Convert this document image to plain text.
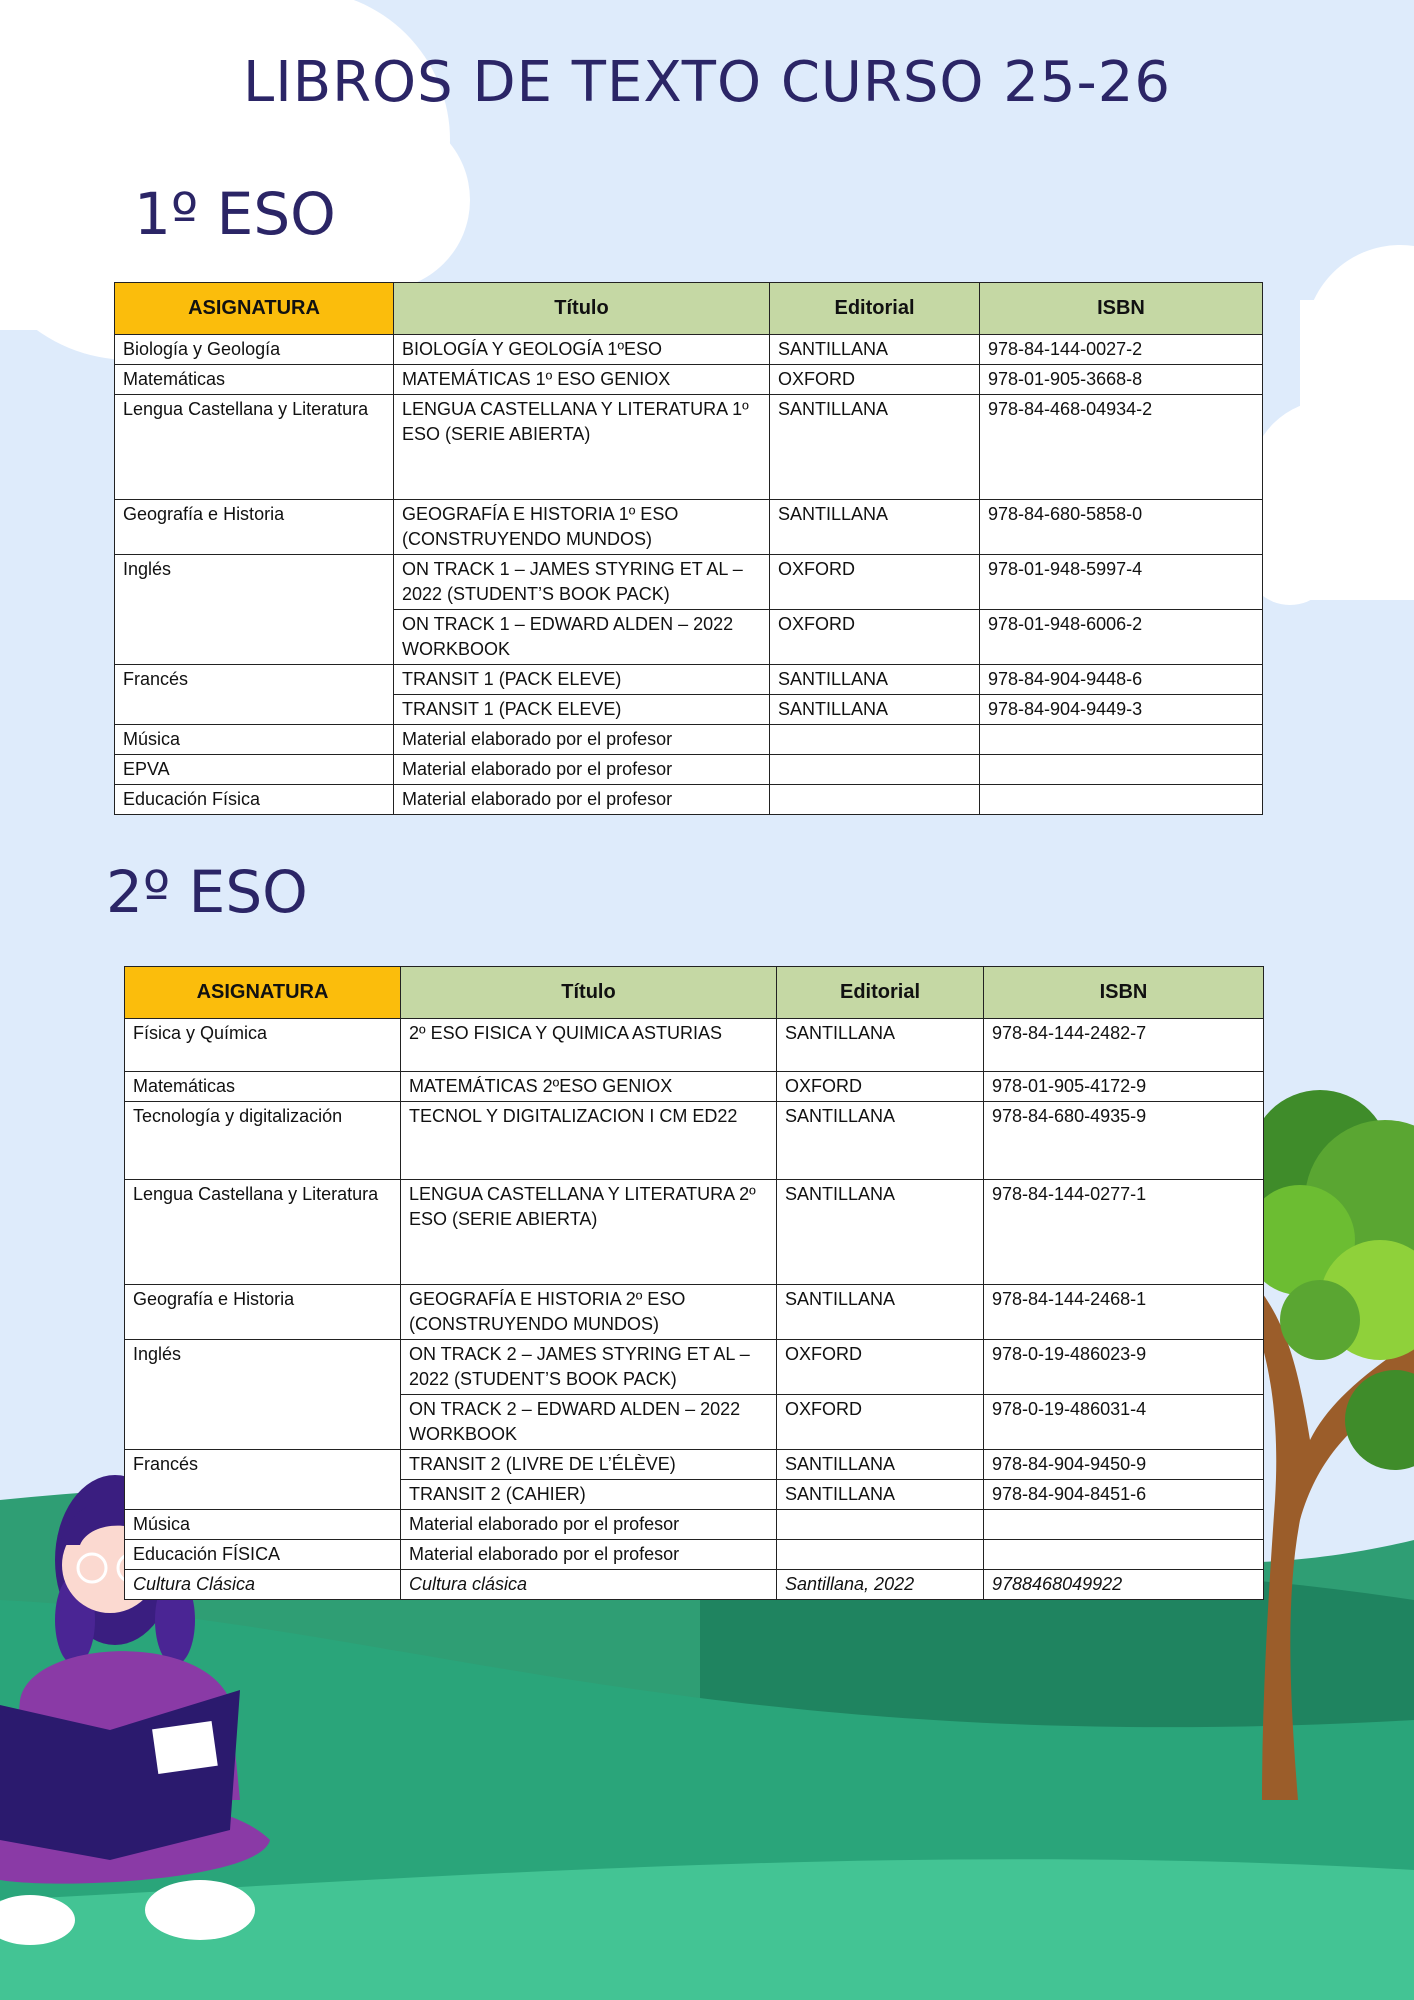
LIBROS DE TEXTO CURSO 25-26
1º ESO
ASIGNATURA	Título	Editorial	ISBN
Biología y Geología	BIOLOGÍA Y GEOLOGÍA 1ºESO	SANTILLANA	978-84-144-0027-2
Matemáticas	MATEMÁTICAS 1º ESO GENIOX	OXFORD	978-01-905-3668-8
Lengua Castellana y Literatura	LENGUA CASTELLANA Y LITERATURA 1º ESO (SERIE ABIERTA)	SANTILLANA	978-84-468-04934-2
Geografía e Historia	GEOGRAFÍA E HISTORIA 1º ESO (CONSTRUYENDO MUNDOS)	SANTILLANA	978-84-680-5858-0
Inglés	ON TRACK 1 – JAMES STYRING ET AL – 2022 (STUDENT’S BOOK PACK)	OXFORD	978-01-948-5997-4
	ON TRACK 1 – EDWARD ALDEN – 2022 WORKBOOK	OXFORD	978-01-948-6006-2
Francés	TRANSIT 1 (PACK ELEVE)	SANTILLANA	978-84-904-9448-6
	TRANSIT 1 (PACK ELEVE)	SANTILLANA	978-84-904-9449-3
Música	Material elaborado por el profesor		
EPVA	Material elaborado por el profesor		
Educación Física	Material elaborado por el profesor		
2º ESO
ASIGNATURA	Título	Editorial	ISBN
Física y Química	2º ESO FISICA Y QUIMICA ASTURIAS	SANTILLANA	978-84-144-2482-7
Matemáticas	MATEMÁTICAS 2ºESO GENIOX	OXFORD	978-01-905-4172-9
Tecnología y digitalización	TECNOL Y DIGITALIZACION I CM ED22	SANTILLANA	978-84-680-4935-9
Lengua Castellana y Literatura	LENGUA CASTELLANA Y LITERATURA 2º ESO (SERIE ABIERTA)	SANTILLANA	978-84-144-0277-1
Geografía e Historia	GEOGRAFÍA E HISTORIA 2º ESO (CONSTRUYENDO MUNDOS)	SANTILLANA	978-84-144-2468-1
Inglés	ON TRACK 2 – JAMES STYRING ET AL – 2022 (STUDENT’S BOOK PACK)	OXFORD	978-0-19-486023-9
	ON TRACK 2 – EDWARD ALDEN – 2022 WORKBOOK	OXFORD	978-0-19-486031-4
Francés	TRANSIT 2 (LIVRE DE L’ÉLÈVE)	SANTILLANA	978-84-904-9450-9
	TRANSIT 2 (CAHIER)	SANTILLANA	978-84-904-8451-6
Música	Material elaborado por el profesor		
Educación FÍSICA	Material elaborado por el profesor		
Cultura Clásica	Cultura clásica	Santillana, 2022	9788468049922
